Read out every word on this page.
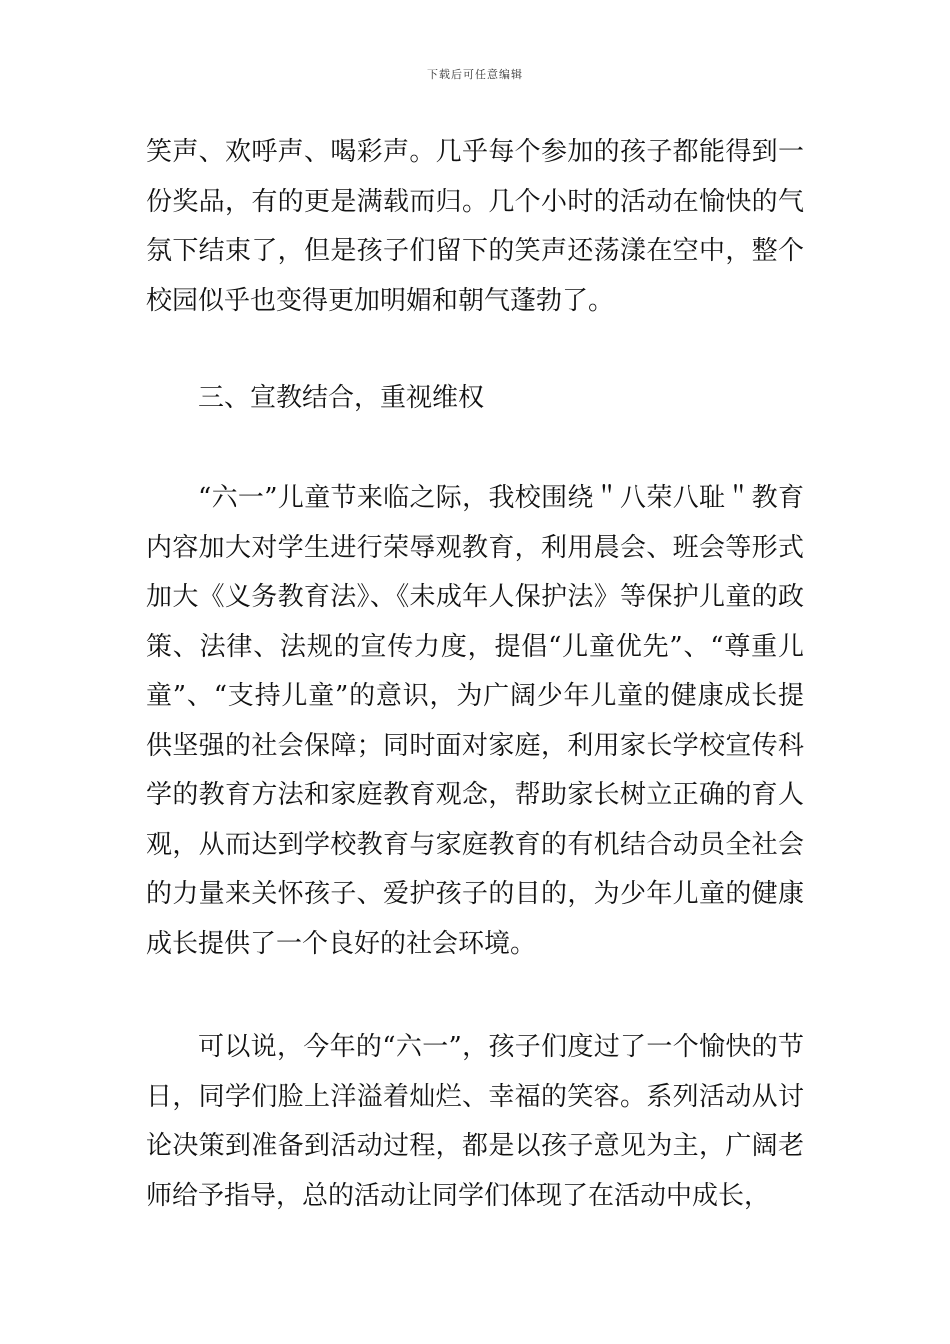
下载后可任意编辑

笑声、欢呼声、喝彩声。几乎每个参加的孩子都能得到一份奖品，有的更是满载而归。几个小时的活动在愉快的气氛下结束了，但是孩子们留下的笑声还荡漾在空中，整个校园似乎也变得更加明媚和朝气蓬勃了。

三、宣教结合，重视维权

“六一”儿童节来临之际，我校围绕＂八荣八耻＂教育内容加大对学生进行荣辱观教育，利用晨会、班会等形式加大《义务教育法》、《未成年人保护法》等保护儿童的政策、法律、法规的宣传力度，提倡“儿童优先”、“尊重儿童”、“支持儿童”的意识，为广阔少年儿童的健康成长提供坚强的社会保障；同时面对家庭，利用家长学校宣传科学的教育方法和家庭教育观念，帮助家长树立正确的育人观，从而达到学校教育与家庭教育的有机结合动员全社会的力量来关怀孩子、爱护孩子的目的，为少年儿童的健康成长提供了一个良好的社会环境。

可以说，今年的“六一”，孩子们度过了一个愉快的节日，同学们脸上洋溢着灿烂、幸福的笑容。系列活动从讨论决策到准备到活动过程，都是以孩子意见为主，广阔老师给予指导，总的活动让同学们体现了在活动中成长，
